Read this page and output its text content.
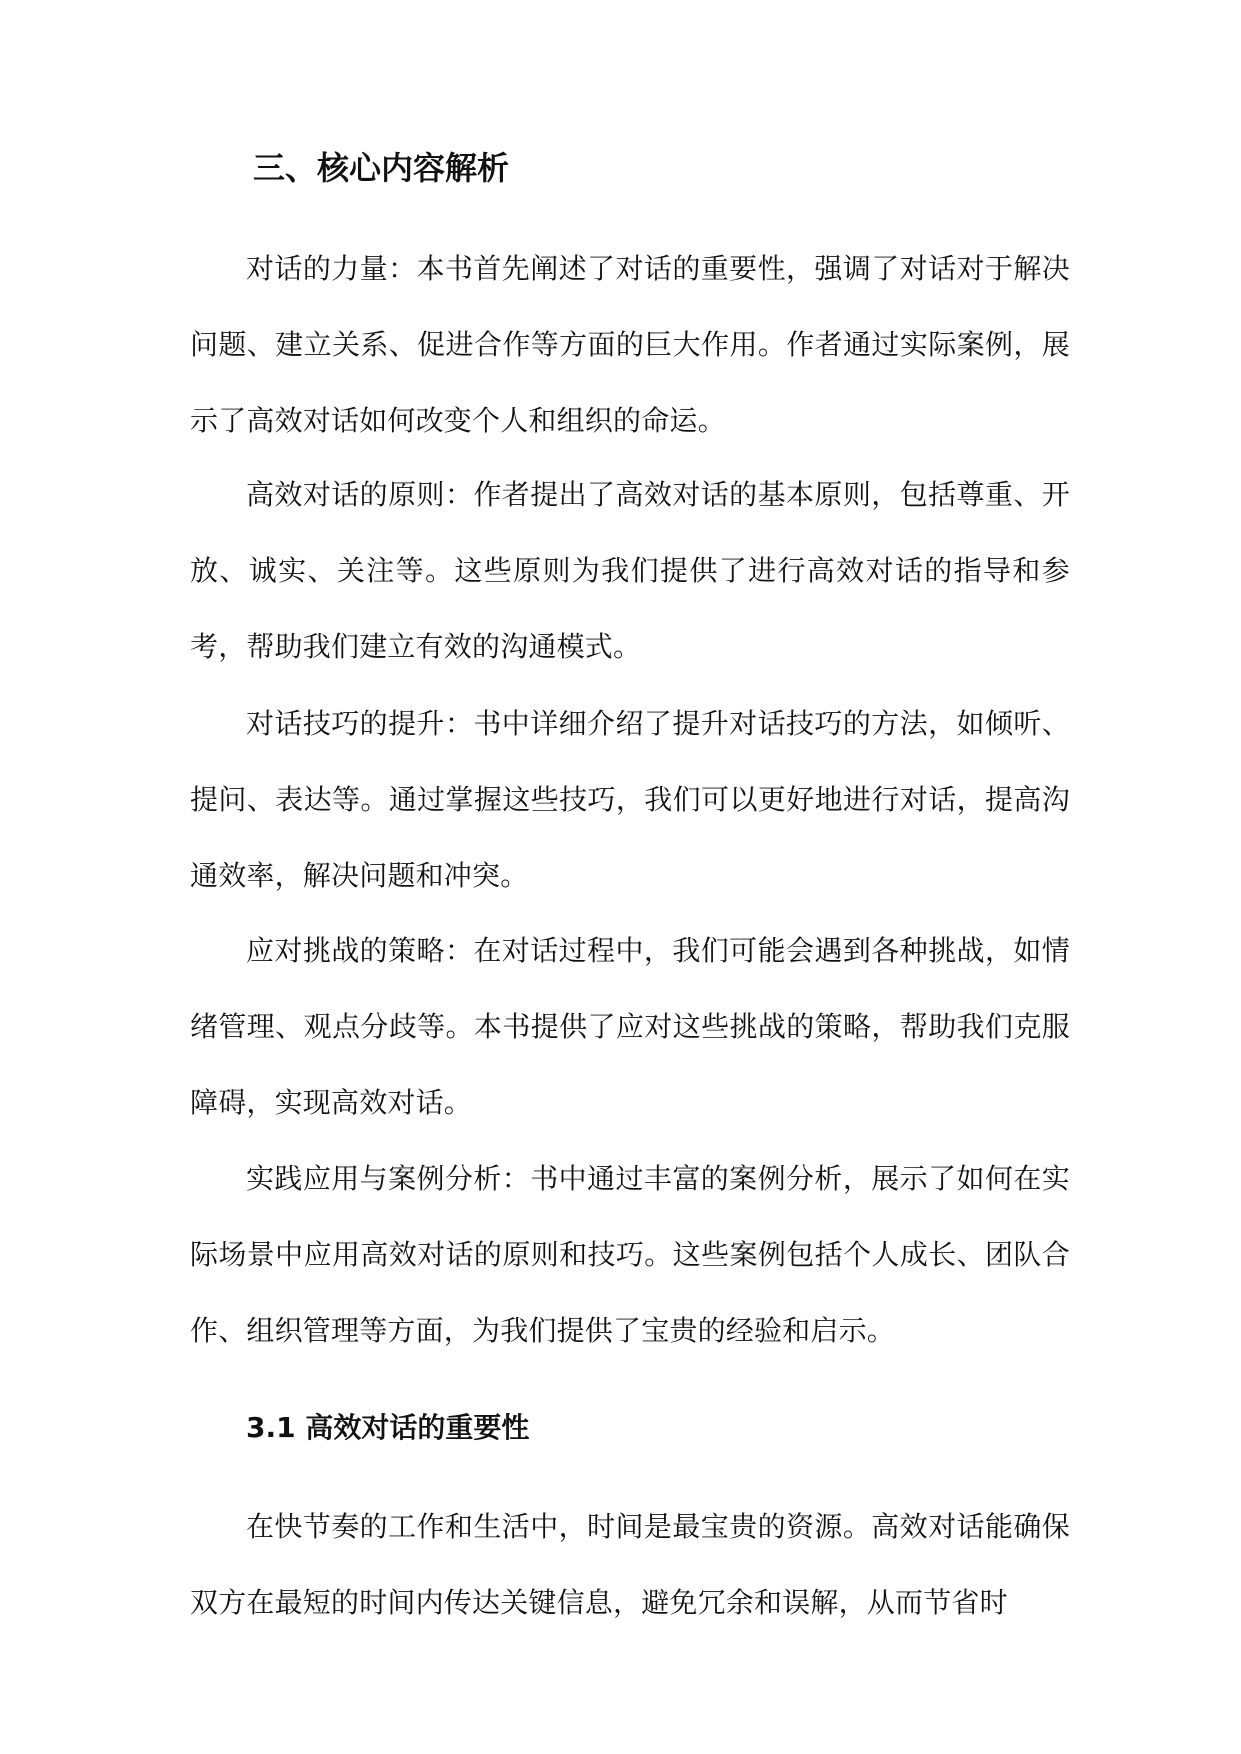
三、核心内容解析

对话的力量：本书首先阐述了对话的重要性，强调了对话对于解决问题、建立关系、促进合作等方面的巨大作用。作者通过实际案例，展示了高效对话如何改变个人和组织的命运。

高效对话的原则：作者提出了高效对话的基本原则，包括尊重、开放、诚实、关注等。这些原则为我们提供了进行高效对话的指导和参考，帮助我们建立有效的沟通模式。

对话技巧的提升：书中详细介绍了提升对话技巧的方法，如倾听、提问、表达等。通过掌握这些技巧，我们可以更好地进行对话，提高沟通效率，解决问题和冲突。

应对挑战的策略：在对话过程中，我们可能会遇到各种挑战，如情绪管理、观点分歧等。本书提供了应对这些挑战的策略，帮助我们克服障碍，实现高效对话。

实践应用与案例分析：书中通过丰富的案例分析，展示了如何在实际场景中应用高效对话的原则和技巧。这些案例包括个人成长、团队合作、组织管理等方面，为我们提供了宝贵的经验和启示。

3.1 高效对话的重要性

在快节奏的工作和生活中，时间是最宝贵的资源。高效对话能确保双方在最短的时间内传达关键信息，避免冗余和误解，从而节省时
